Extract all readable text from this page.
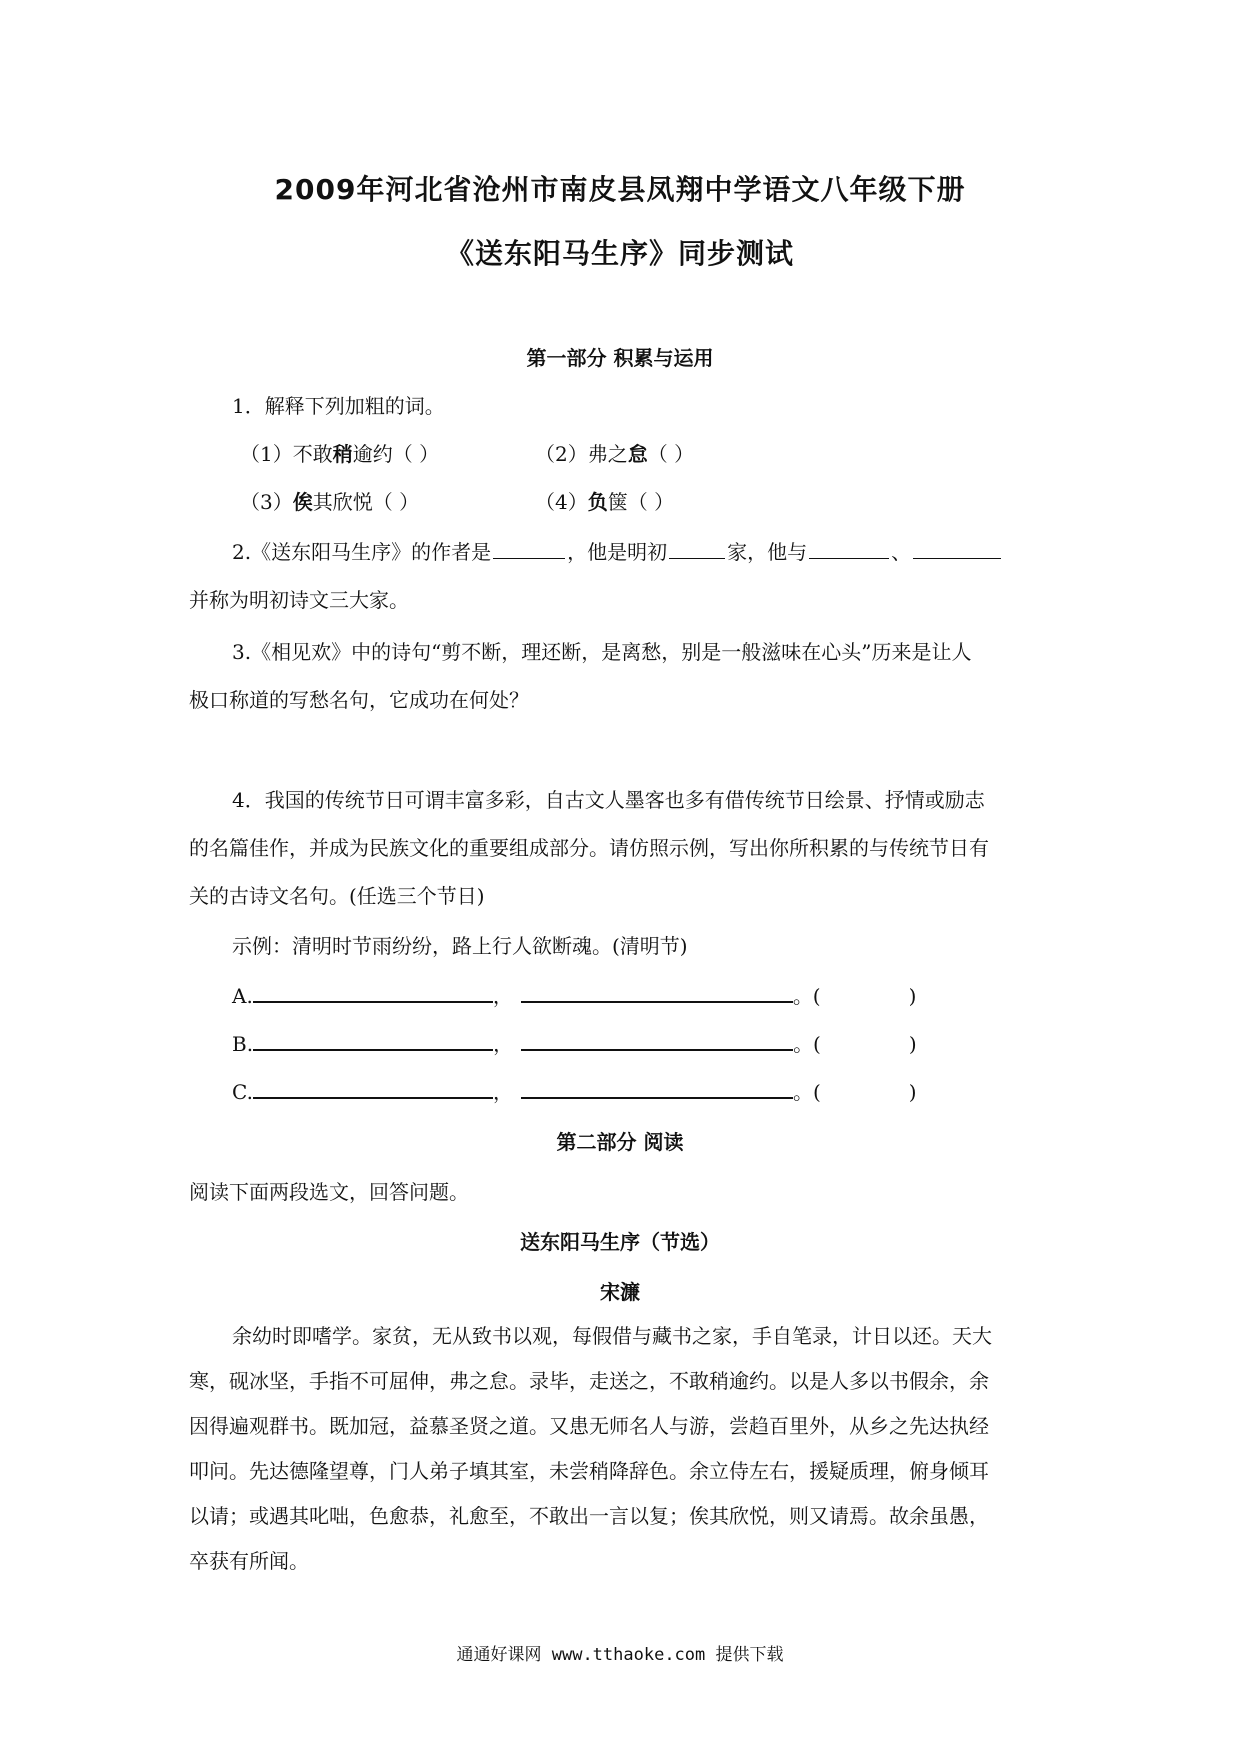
2009年河北省沧州市南皮县凤翔中学语文八年级下册
《送东阳马生序》同步测试
第一部分 积累与运用
1．解释下列加粗的词。
（1）不敢稍逾约（ ）	（2）弗之怠（ ）
（3）俟其欣悦（ ）	（4）负箧（ ）
2.《送东阳马生序》的作者是	，他是明初	家，他与	、
并称为明初诗文三大家。
3.《相见欢》中的诗句“剪不断，理还断，是离愁，别是一般滋味在心头”历来是让人
极口称道的写愁名句，它成功在何处？
4．我国的传统节日可谓丰富多彩，自古文人墨客也多有借传统节日绘景、抒情或励志
的名篇佳作，并成为民族文化的重要组成部分。请仿照示例，写出你所积累的与传统节日有
关的古诗文名句。(任选三个节日)
示例：清明时节雨纷纷，路上行人欲断魂。(清明节)
A.	，	。(	)
B.	，	。(	)
C.	，	。(	)
第二部分 阅读
阅读下面两段选文，回答问题。
送东阳马生序（节选）
宋濂
余幼时即嗜学。家贫，无从致书以观，每假借与藏书之家，手自笔录，计日以还。天大
寒，砚冰坚，手指不可屈伸，弗之怠。录毕，走送之，不敢稍逾约。以是人多以书假余，余
因得遍观群书。既加冠，益慕圣贤之道。又患无师名人与游，尝趋百里外，从乡之先达执经
叩问。先达德隆望尊，门人弟子填其室，未尝稍降辞色。余立侍左右，援疑质理，俯身倾耳
以请；或遇其叱咄，色愈恭，礼愈至，不敢出一言以复；俟其欣悦，则又请焉。故余虽愚，
卒获有所闻。
通通好课网 www.tthaoke.com 提供下载
